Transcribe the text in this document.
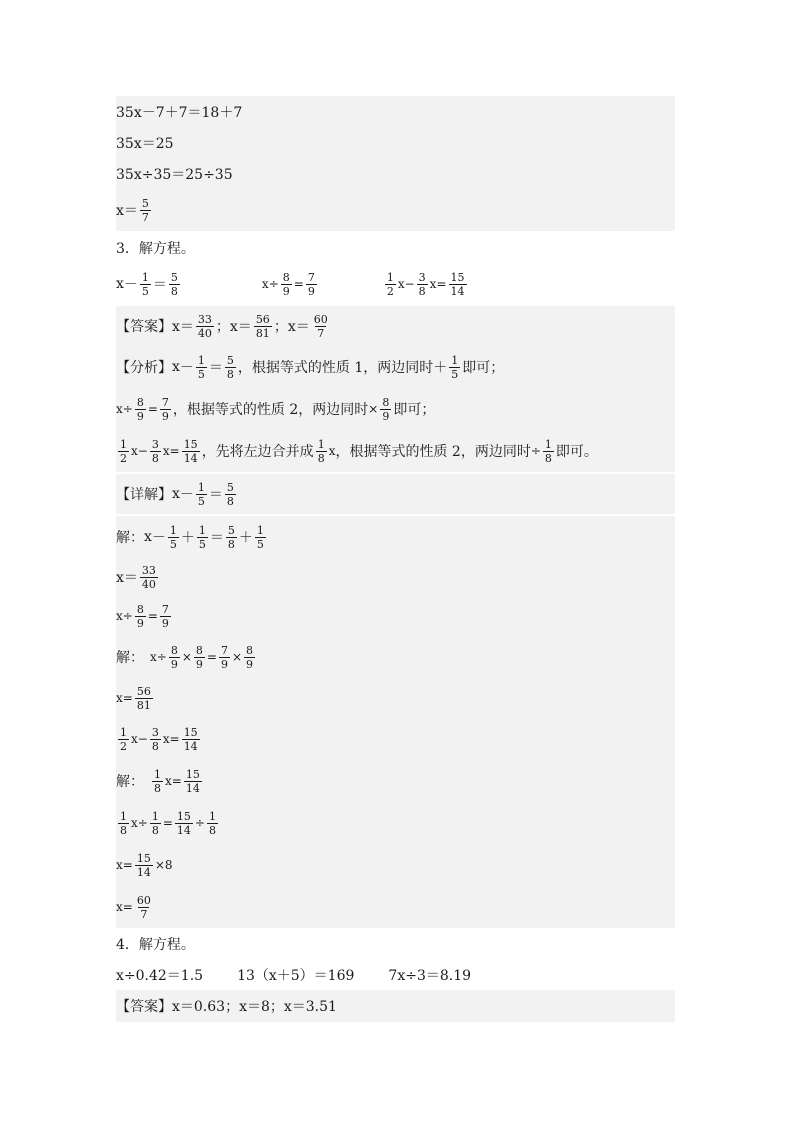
35x－7＋7＝18＋7
35x＝25
35x÷35＝25÷35
$x= \frac{5}{7}$
3．解方程。
$x - \frac{1}{5} = \frac{5}{8}$	$x \div \frac{8}{9} = \frac{7}{9}$	$\frac{1}{2}$ $x - \frac{3}{8}$ $x = \frac{15}{14}$
【答案】 $x= \frac{33}{40}$ ； $x= \frac{56}{81}$ ； $x= \frac{60}{7}$
【分析】 $x - \frac{1}{5} = \frac{5}{8}$ ，根据等式的性质 1，两边同时 ＋ $\frac{1}{5}$ 即可；
$x \div \frac{8}{9} = \frac{7}{9}$ ，根据等式的性质 2，两边同时 × $\frac{8}{9}$ 即可；
$\frac{1}{2}$ $x - \frac{3}{8}$ $x = \frac{15}{14}$ ，先将左边合并成 $\frac{1}{8}$ x ，根据等式的性质 2，两边同时 ÷ $\frac{1}{8}$ 即可。
【详解】 $x - \frac{1}{5} = \frac{5}{8}$
解： $x - \frac{1}{5} + \frac{1}{5} = \frac{5}{8} + \frac{1}{5}$
$x= \frac{33}{40}$
$x \div \frac{8}{9} = \frac{7}{9}$
解： $x \div \frac{8}{9} \times \frac{8}{9} = \frac{7}{9} \times \frac{8}{9}$
$x = \frac{56}{81}$
$\frac{1}{2}$ $x - \frac{3}{8}$ $x = \frac{15}{14}$
解： $\frac{1}{8}$ $x = \frac{15}{14}$
$\frac{1}{8}$ $x \div \frac{1}{8} = \frac{15}{14} \div \frac{1}{8}$
$x = \frac{15}{14} \times 8$
$x = \frac{60}{7}$
4．解方程。
x÷0.42＝1.5 13（x＋5）＝169 7x÷3＝8.19
【答案】 x＝0.63；x＝8；x＝3.51
